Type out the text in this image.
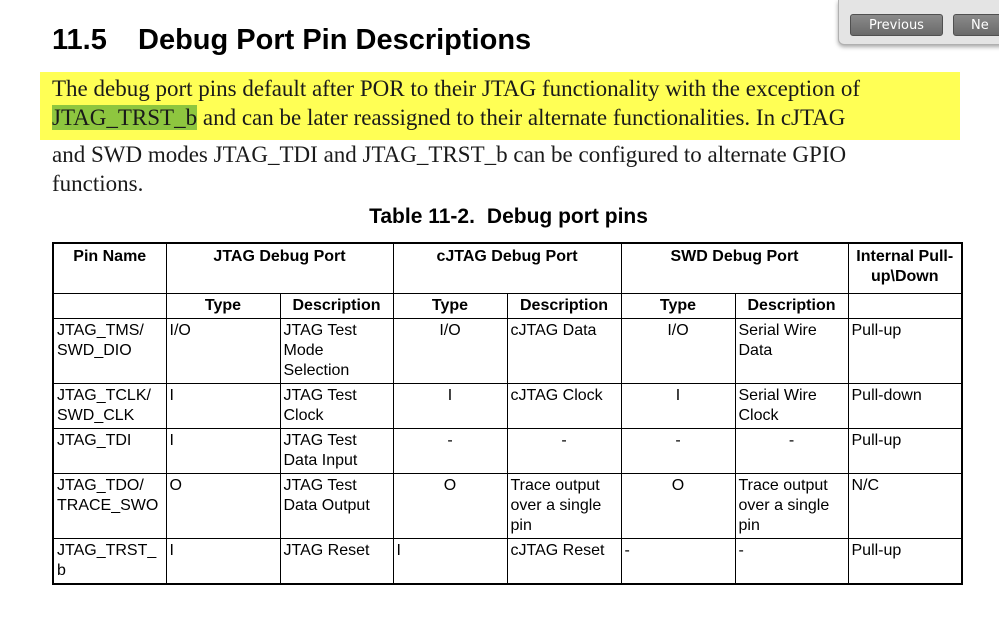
Previous	Ne
11.5 Debug Port Pin Descriptions

The debug port pins default after POR to their JTAG functionality with the exception of
JTAG_TRST_b and can be later reassigned to their alternate functionalities. In cJTAG
and SWD modes JTAG_TDI and JTAG_TRST_b can be configured to alternate GPIO
functions.

Table 11-2. Debug port pins

Pin Name	JTAG Debug Port		cJTAG Debug Port		SWD Debug Port		Internal Pull-up\Down
	Type	Description	Type	Description	Type	Description	
JTAG_TMS/ SWD_DIO	I/O	JTAG Test Mode Selection	I/O	cJTAG Data	I/O	Serial Wire Data	Pull-up
JTAG_TCLK/ SWD_CLK	I	JTAG Test Clock	I	cJTAG Clock	I	Serial Wire Clock	Pull-down
JTAG_TDI	I	JTAG Test Data Input	-	-	-	-	Pull-up
JTAG_TDO/ TRACE_SWO	O	JTAG Test Data Output	O	Trace output over a single pin	O	Trace output over a single pin	N/C
JTAG_TRST_ b	I	JTAG Reset	I	cJTAG Reset	-	-	Pull-up
